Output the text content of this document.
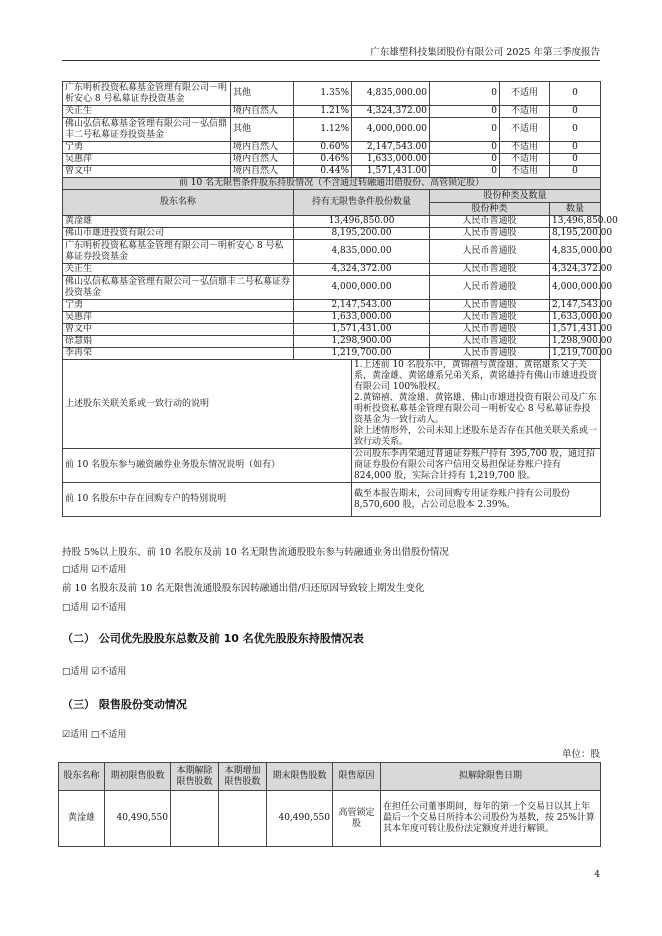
广东雄塑科技集团股份有限公司 2025 年第三季度报告
广东明析投资私募基金管理有限公司－明析安心 8 号私募证券投资基金	其他	1.35%	4,835,000.00	0	不适用	0
关正生	境内自然人	1.21%	4,324,372.00	0	不适用	0
佛山弘信私募基金管理有限公司－弘信鼎丰二号私募证券投资基金	其他	1.12%	4,000,000.00	0	不适用	0
宁勇	境内自然人	0.60%	2,147,543.00	0	不适用	0
吴惠萍	境内自然人	0.46%	1,633,000.00	0	不适用	0
曾文中	境内自然人	0.44%	1,571,431.00	0	不适用	0
前 10 名无限售条件股东持股情况（不含通过转融通出借股份、高管锁定股）						
股东名称		持有无限售条件股份数量		股份种类及数量		
				股份种类		数量
黄淦雄		13,496,850.00		人民币普通股		13,496,850.00
佛山市雄进投资有限公司		8,195,200.00		人民币普通股		8,195,200.00
广东明析投资私募基金管理有限公司－明析安心 8 号私募证券投资基金		4,835,000.00		人民币普通股		4,835,000.00
关正生		4,324,372.00		人民币普通股		4,324,372.00
佛山弘信私募基金管理有限公司－弘信鼎丰二号私募证券投资基金		4,000,000.00		人民币普通股		4,000,000.00
宁勇		2,147,543.00		人民币普通股		2,147,543.00
吴惠萍		1,633,000.00		人民币普通股		1,633,000.00
曾文中		1,571,431.00		人民币普通股		1,571,431.00
徐慧娟		1,298,900.00		人民币普通股		1,298,900.00
李再荣		1,219,700.00		人民币普通股		1,219,700.00
上述股东关联关系或一致行动的说明			1.上述前 10 名股东中，黄锦禧与黄淦雄、黄铭雄系父子关系，黄淦雄、黄铭雄系兄弟关系，黄铭雄持有佛山市雄进投资有限公司 100%股权。
2.黄锦禧、黄淦雄、黄铭雄、佛山市雄进投资有限公司及广东明析投资私募基金管理有限公司－明析安心 8 号私募证券投资基金为一致行动人。
除上述情形外，公司未知上述股东是否存在其他关联关系或一致行动关系。			
前 10 名股东参与融资融券业务股东情况说明（如有）			公司股东李再荣通过普通证券账户持有 395,700 股，通过招商证券股份有限公司客户信用交易担保证券账户持有 824,000 股，实际合计持有 1,219,700 股。			
前 10 名股东中存在回购专户的特别说明			截至本报告期末，公司回购专用证券账户持有公司股份 8,570,600 股，占公司总股本 2.39%。			
持股 5%以上股东、前 10 名股东及前 10 名无限售流通股股东参与转融通业务出借股份情况
□适用 ☑不适用
前 10 名股东及前 10 名无限售流通股股东因转融通出借/归还原因导致较上期发生变化
□适用 ☑不适用
（二） 公司优先股股东总数及前 10 名优先股股东持股情况表
□适用 ☑不适用
（三） 限售股份变动情况
☑适用 □不适用
单位：股
股东名称	期初限售股数	本期解除限售股数	本期增加限售股数	期末限售股数	限售原因	拟解除限售日期
黄淦雄	40,490,550			40,490,550	高管锁定股	在担任公司董事期间，每年的第一个交易日以其上年最后一个交易日所持本公司股份为基数，按 25%计算其本年度可转让股份法定额度并进行解锁。
4
